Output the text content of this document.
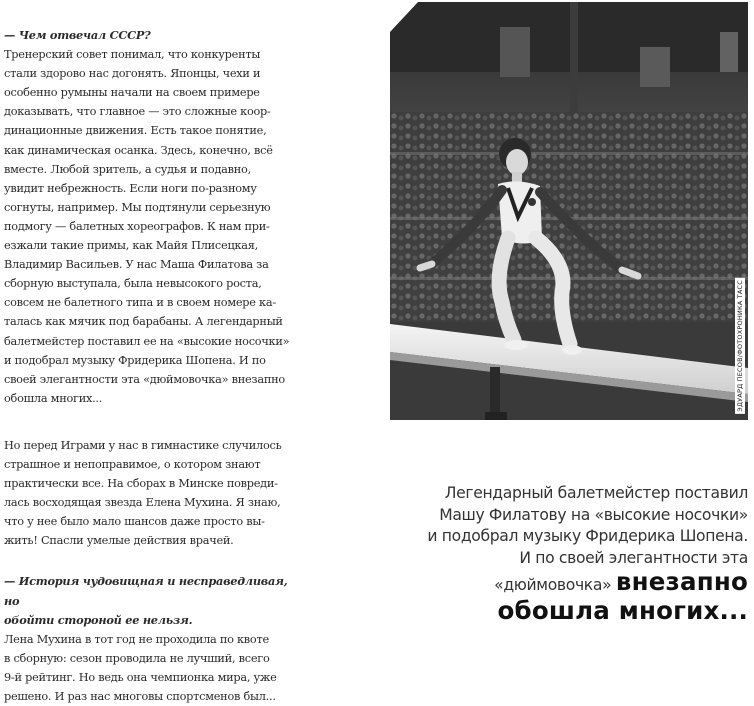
— Чем отвечал СССР?

Тренерский совет понимал, что конкуренты

стали здорово нас догонять. Японцы, чехи и

особенно румыны начали на своем примере

доказывать, что главное — это сложные коор-

динационные движения. Есть такое понятие,

как динамическая осанка. Здесь, конечно, всё

вместе. Любой зритель, а судья и подавно,

увидит небрежность. Если ноги по-разному

согнуты, например. Мы подтянули серьезную

подмогу — балетных хореографов. К нам при-

езжали такие примы, как Майя Плисецкая,

Владимир Васильев. У нас Маша Филатова за

сборную выступала, была невысокого роста,

совсем не балетного типа и в своем номере ка-

талась как мячик под барабаны. А легендарный

балетмейстер поставил ее на «высокие носочки»

и подобрал музыку Фридерика Шопена. И по

своей элегантности эта «дюймовочка» внезапно

обошла многих...

Но перед Играми у нас в гимнастике случилось

страшное и непоправимое, о котором знают

практически все. На сборах в Минске повреди-

лась восходящая звезда Елена Мухина. Я знаю,

что у нее было мало шансов даже просто вы-

жить! Спасли умелые действия врачей.

— История чудовищная и несправедливая, но

обойти стороной ее нельзя.

Лена Мухина в тот год не проходила по квоте

в сборную: сезон проводила не лучший, всего

9-й рейтинг. Но ведь она чемпионка мира, уже

решено. И раз нас многовы спортсменов был...

ЭДУАРД ПЕСОВ/ФОТОХРОНИКА ТАСС
Легендарный балетмейстер поставил
Машу Филатову на «высокие носочки»
и подобрал музыку Фридерика Шопена.
И по своей элегантности эта
«дюймовочка» внезапно
обошла многих...
